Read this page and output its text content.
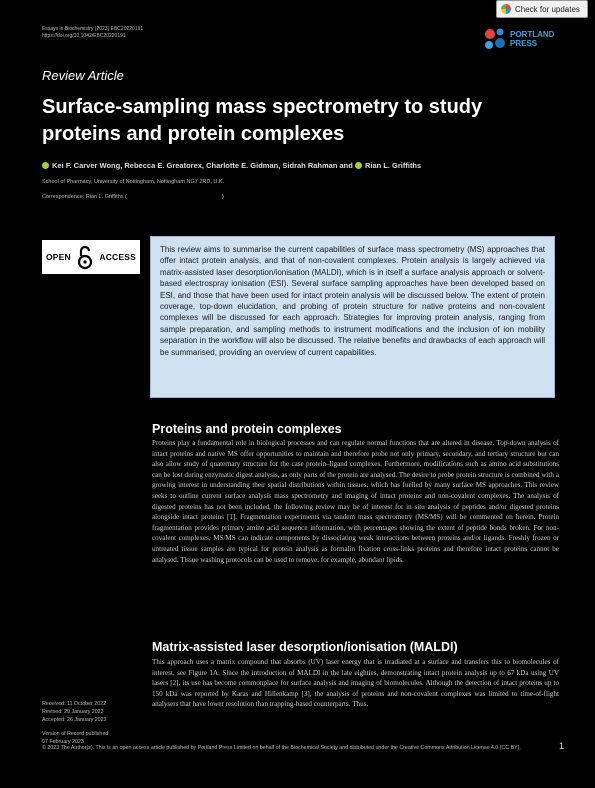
Check for updates
Essays in Biochemistry (2023) EBC20220191
https://doi.org/10.1042/EBC20220191	PORTLAND
PRESS
Review Article
Surface-sampling mass spectrometry to study proteins and protein complexes
Kei F. Carver Wong, Rebecca E. Greatorex, Charlotte E. Gidman, Sidrah Rahman and Rian L. Griffiths
School of Pharmacy, University of Nottingham, Nottingham NG7 2RD, U.K.
Correspondence: Rian L. Griffiths (	)
OPEN	ACCESS
This review aims to summarise the current capabilities of surface mass spectrometry (MS) approaches that offer intact protein analysis, and that of non-covalent complexes. Protein analysis is largely achieved via matrix-assisted laser desorption/ionisation (MALDI), which is in itself a surface analysis approach or solvent-based electrospray ionisation (ESI). Several surface sampling approaches have been developed based on ESI, and those that have been used for intact protein analysis will be discussed below. The extent of protein coverage, top-down elucidation, and probing of protein structure for native proteins and non-covalent complexes will be discussed for each approach. Strategies for improving protein analysis, ranging from sample preparation, and sampling methods to instrument modifications and the inclusion of ion mobility separation in the workflow will also be discussed. The relative benefits and drawbacks of each approach will be summarised, providing an overview of current capabilities.
Proteins and protein complexes
Proteins play a fundamental role in biological processes and can regulate normal functions that are altered in disease. Top-down analysis of intact proteins and native MS offer opportunities to maintain and therefore probe not only primary, secondary, and tertiary structure but can also allow study of quaternary structure for the case protein–ligand complexes. Furthermore, modifications such as amino acid substitutions can be lost during enzymatic digest analysis, as only parts of the protein are analysed. The desire to probe protein structure is combined with a growing interest in understanding their spatial distributions within tissues, which has fuelled by many surface MS approaches. This review seeks to outline current surface analysis mass spectrometry and imaging of intact proteins and non-covalent complexes. The analysis of digested proteins has not been included, the following review may be of interest for in situ analysis of peptides and/or digested proteins alongside intact proteins [1]. Fragmentation experiments via tandem mass spectrometry (MS/MS) will be commented on herein. Protein fragmentation provides primary amino acid sequence information, with percentages showing the extent of peptide bonds broken. For non-covalent complexes, MS/MS can indicate components by dissociating weak interactions between proteins and/or ligands. Freshly frozen or untreated tissue samples are typical for protein analysis as formalin fixation cross-links proteins and therefore intact proteins cannot be analysed. Tissue washing protocols can be used to remove, for example, abundant lipids.
Matrix-assisted laser desorption/ionisation (MALDI)
This approach uses a matrix compound that absorbs (UV) laser energy that is irradiated at a surface and transfers this to biomolecules of interest, see Figure 1A. Since the introduction of MALDI in the late eighties, demonstrating intact protein analysis up to 67 kDa using UV lasers [2], its use has become commonplace for surface analysis and imaging of biomolecules. Although the detection of intact proteins up to 150 kDa was reported by Karas and Hillenkamp [3], the analysis of proteins and non-covalent complexes was limited to time-of-flight analysers that have lower resolution than trapping-based counterparts. Thus,
Received: 11 October 2022
Revised: 20 January 2023
Accepted: 26 January 2023
Version of Record published:
07 February 2023
© 2023 The Author(s). This is an open access article published by Portland Press Limited on behalf of the Biochemical Society and distributed under the Creative Commons Attribution License 4.0 (CC BY).	1
